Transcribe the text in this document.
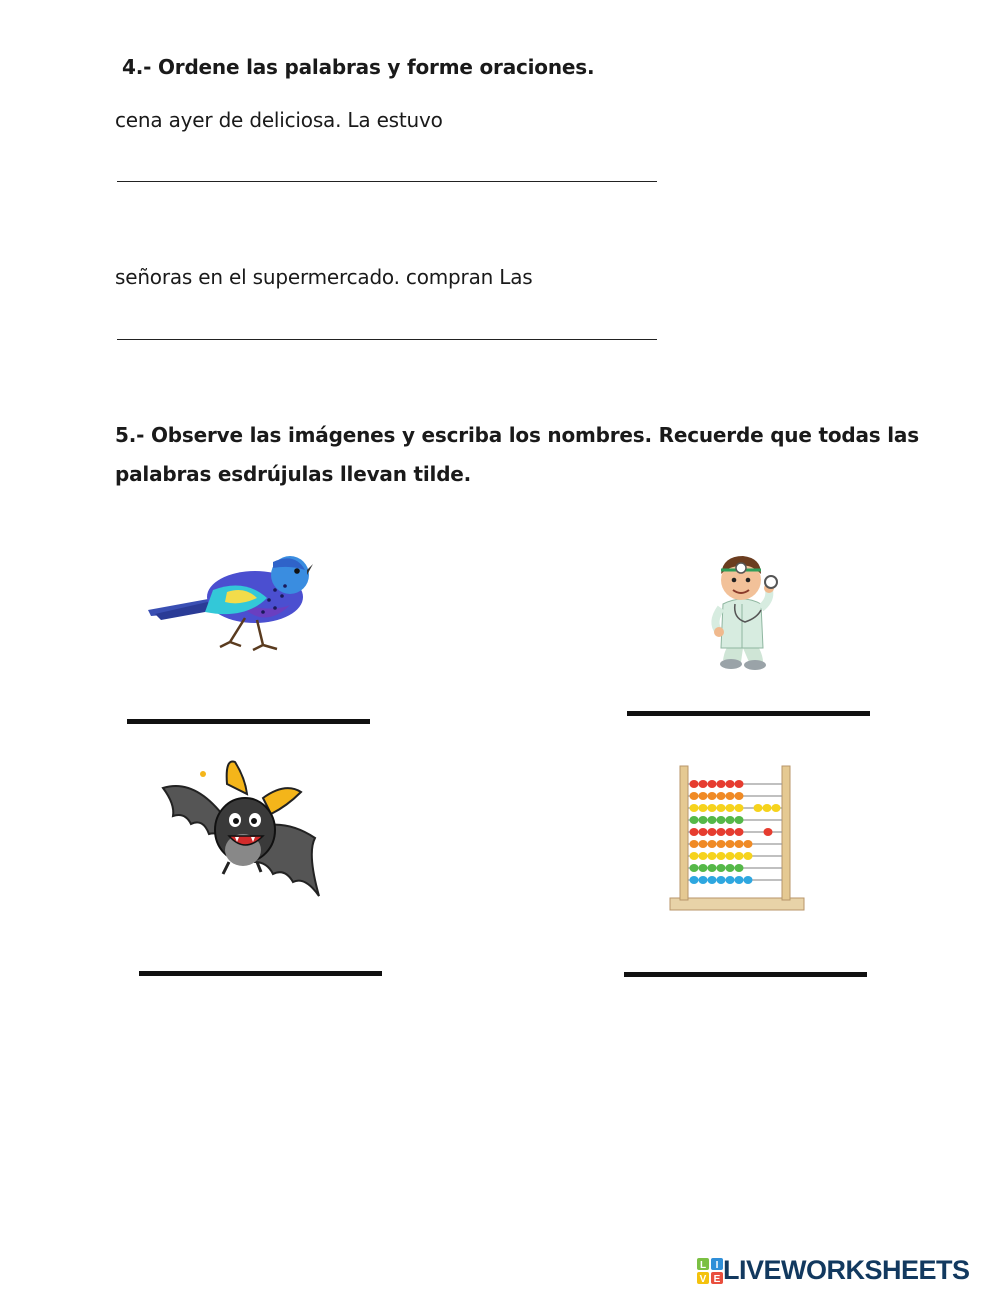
4.- Ordene las palabras y forme oraciones.
cena ayer de deliciosa. La estuvo
señoras en el supermercado. compran Las
5.- Observe las imágenes y escriba los nombres. Recuerde que todas las
palabras esdrújulas llevan tilde.
L I
V E LIVEWORKSHEETS
